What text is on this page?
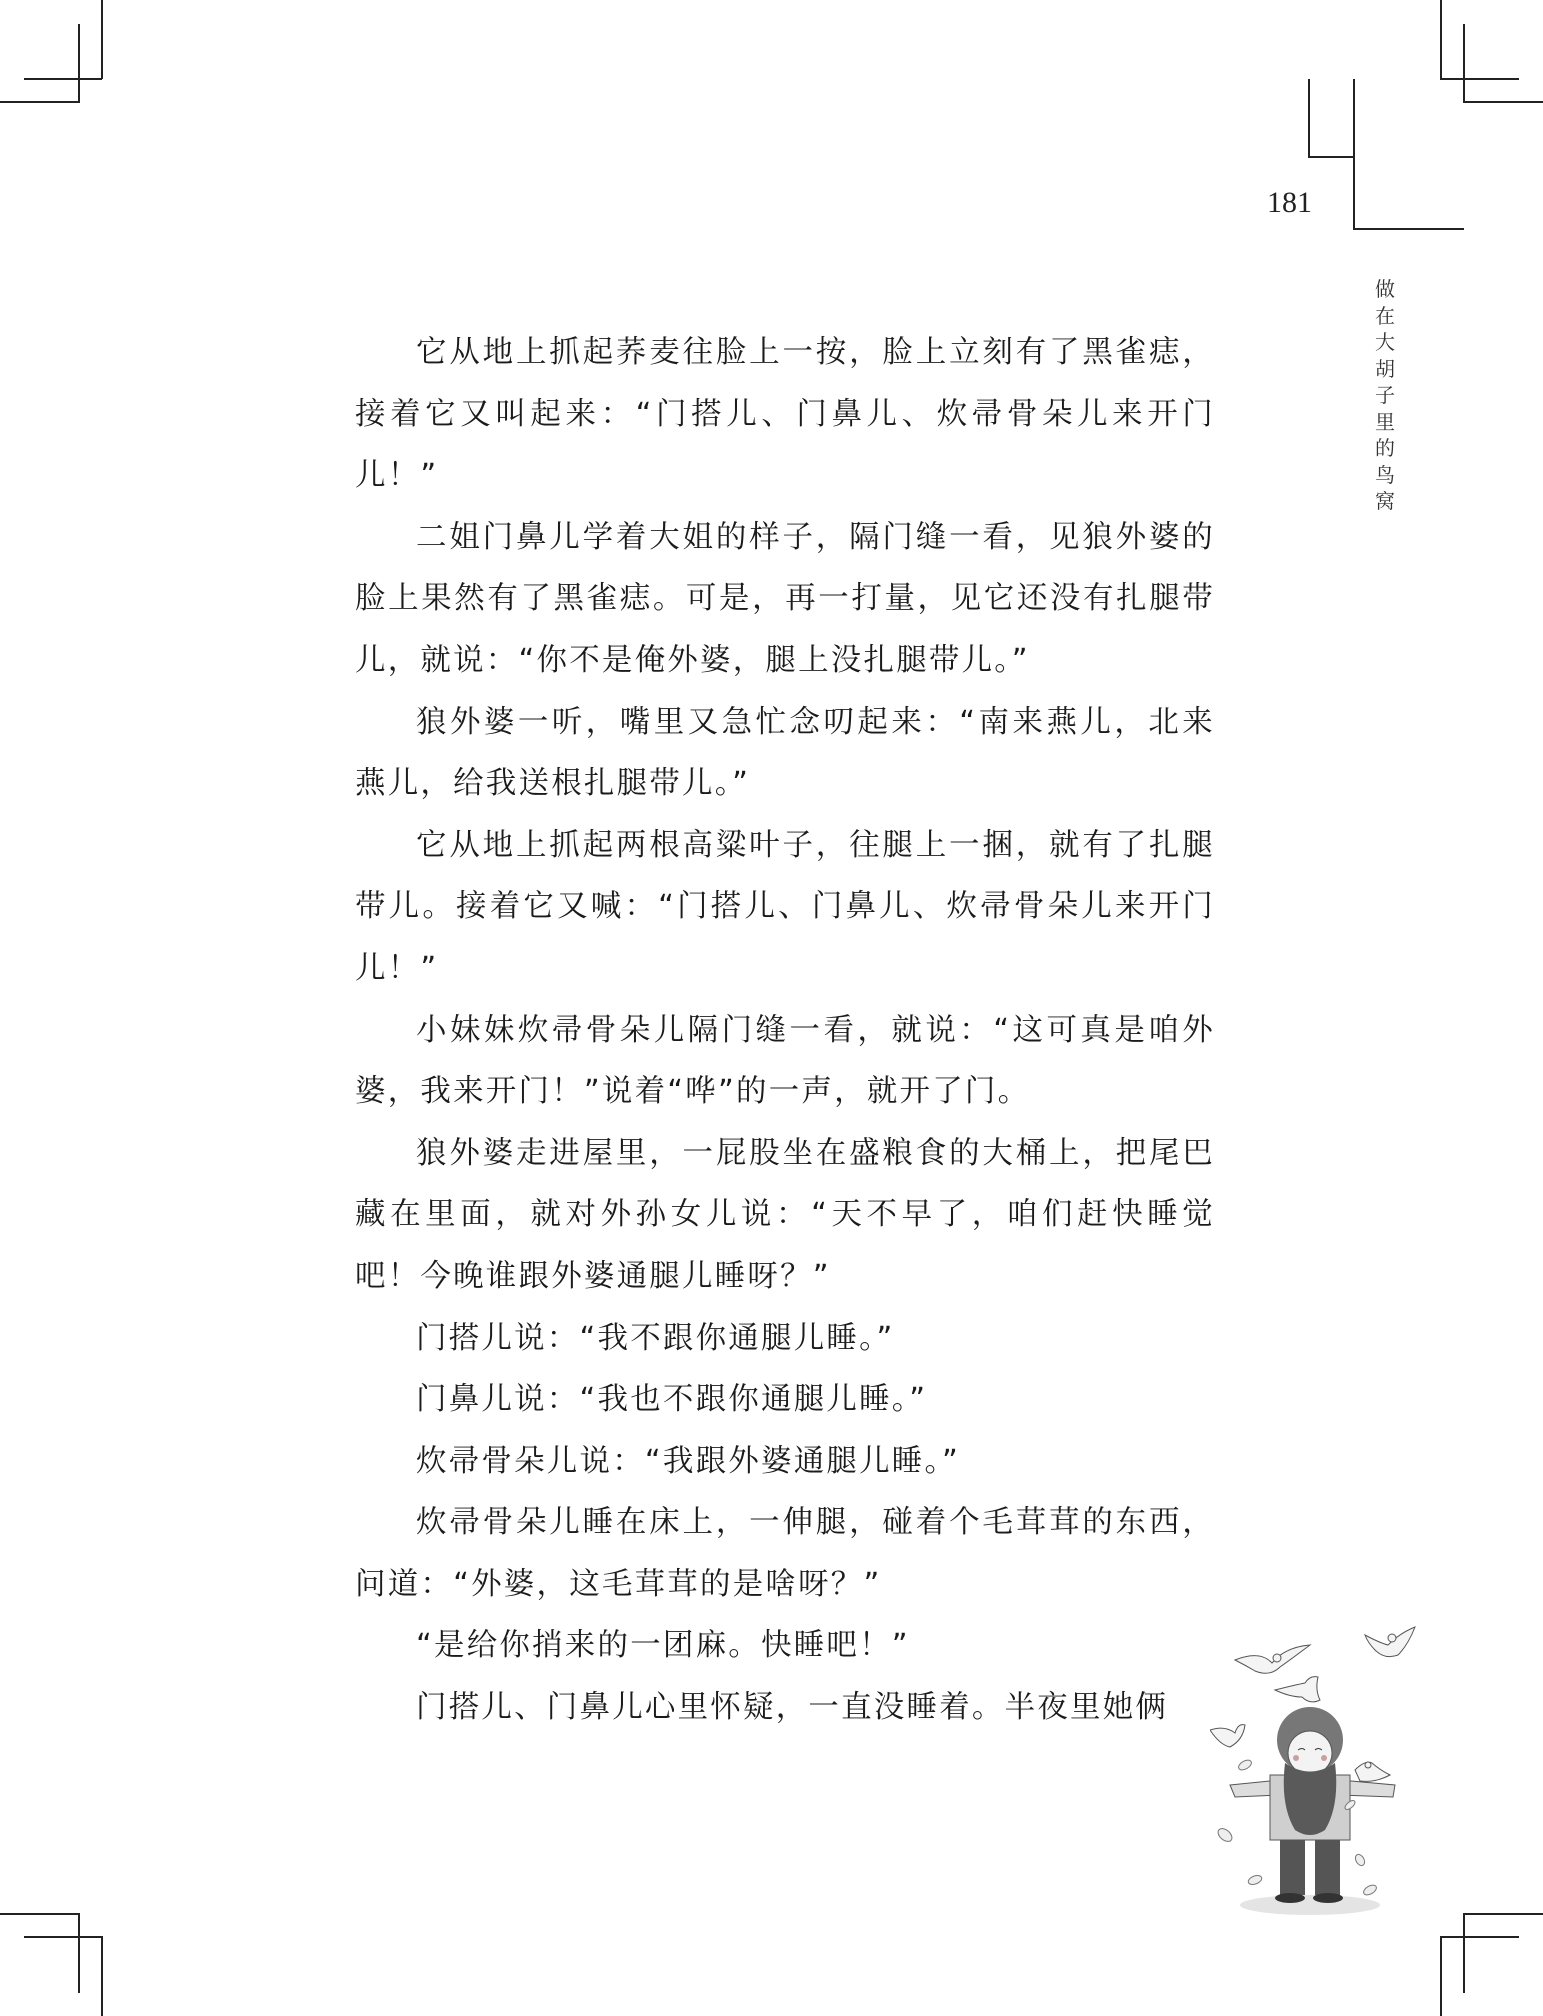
181
做在大胡子里的鸟窝

它从地上抓起荞麦往脸上一按，脸上立刻有了黑雀痣，接着它又叫起来：“门搭儿、门鼻儿、炊帚骨朵儿来开门儿！”

二姐门鼻儿学着大姐的样子，隔门缝一看，见狼外婆的脸上果然有了黑雀痣。可是，再一打量，见它还没有扎腿带儿，就说：“你不是俺外婆，腿上没扎腿带儿。”

狼外婆一听，嘴里又急忙念叨起来：“南来燕儿，北来燕儿，给我送根扎腿带儿。”

它从地上抓起两根高粱叶子，往腿上一捆，就有了扎腿带儿。接着它又喊：“门搭儿、门鼻儿、炊帚骨朵儿来开门儿！”

小妹妹炊帚骨朵儿隔门缝一看，就说：“这可真是咱外婆，我来开门！”说着“哗”的一声，就开了门。

狼外婆走进屋里，一屁股坐在盛粮食的大桶上，把尾巴藏在里面，就对外孙女儿说：“天不早了，咱们赶快睡觉吧！今晚谁跟外婆通腿儿睡呀？”

门搭儿说：“我不跟你通腿儿睡。”

门鼻儿说：“我也不跟你通腿儿睡。”

炊帚骨朵儿说：“我跟外婆通腿儿睡。”

炊帚骨朵儿睡在床上，一伸腿，碰着个毛茸茸的东西，问道：“外婆，这毛茸茸的是啥呀？”

“是给你捎来的一团麻。快睡吧！”

门搭儿、门鼻儿心里怀疑，一直没睡着。半夜里她俩
